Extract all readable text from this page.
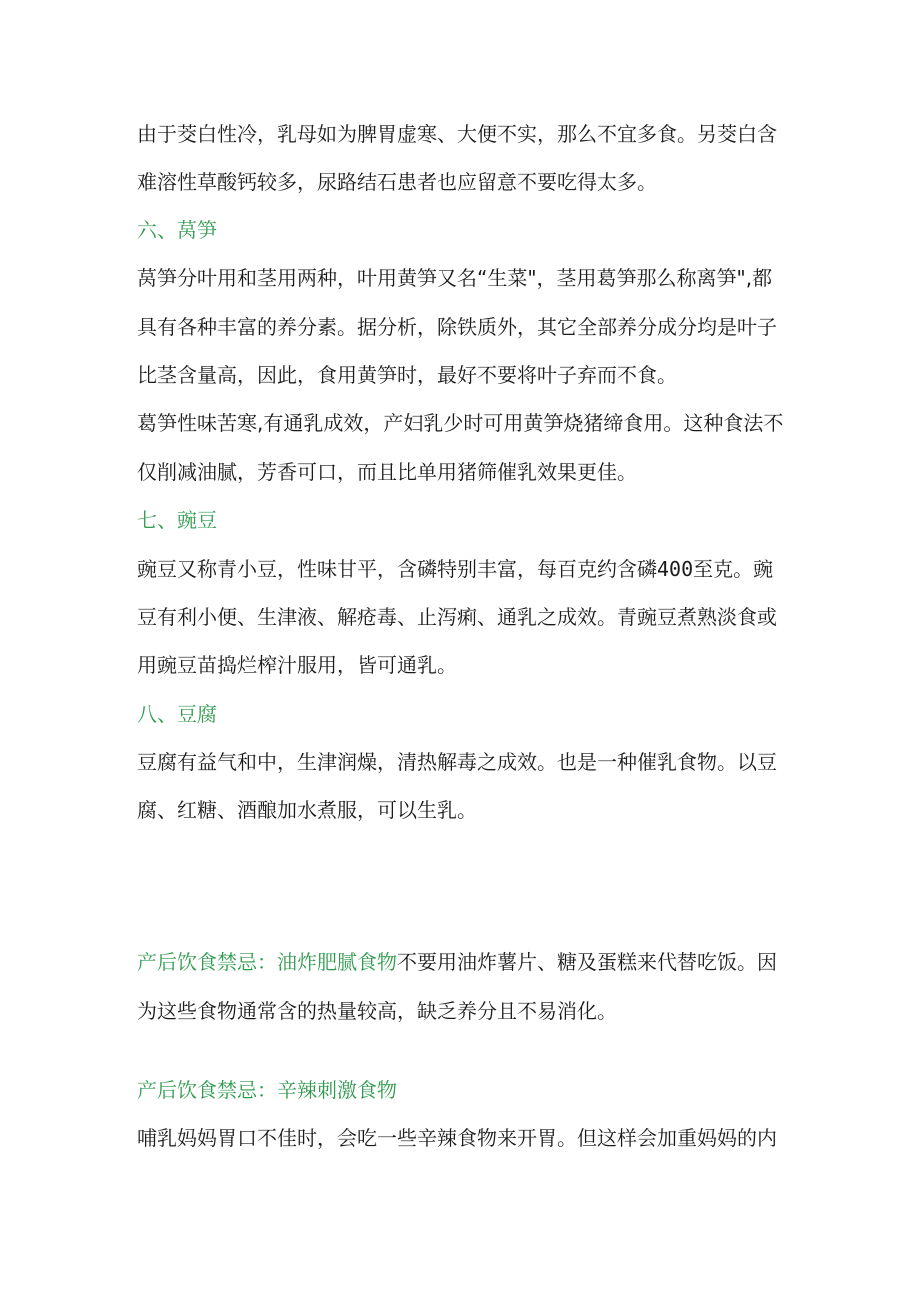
由于茭白性冷，乳母如为脾胃虚寒、大便不实，那么不宜多食。另茭白含
难溶性草酸钙较多，尿路结石患者也应留意不要吃得太多。
六、莴笋
莴笋分叶用和茎用两种，叶用黄笋又名“生菜"，茎用葛笋那么称离笋",都
具有各种丰富的养分素。据分析，除铁质外，其它全部养分成分均是叶子
比茎含量高，因此，食用黄笋时，最好不要将叶子弃而不食。
葛笋性味苦寒,有通乳成效，产妇乳少时可用黄笋烧猪缔食用。这种食法不
仅削减油腻，芳香可口，而且比单用猪筛催乳效果更佳。
七、豌豆
豌豆又称青小豆，性味甘平，含磷特别丰富，每百克约含磷400至克。豌
豆有利小便、生津液、解疮毒、止泻痢、通乳之成效。青豌豆煮熟淡食或
用豌豆苗捣烂榨汁服用，皆可通乳。
八、豆腐
豆腐有益气和中，生津润燥，清热解毒之成效。也是一种催乳食物。以豆
腐、红糖、酒酿加水煮服，可以生乳。
产后饮食禁忌：油炸肥腻食物不要用油炸薯片、糖及蛋糕来代替吃饭。因
为这些食物通常含的热量较高，缺乏养分且不易消化。
产后饮食禁忌：辛辣刺激食物
哺乳妈妈胃口不佳时，会吃一些辛辣食物来开胃。但这样会加重妈妈的内
